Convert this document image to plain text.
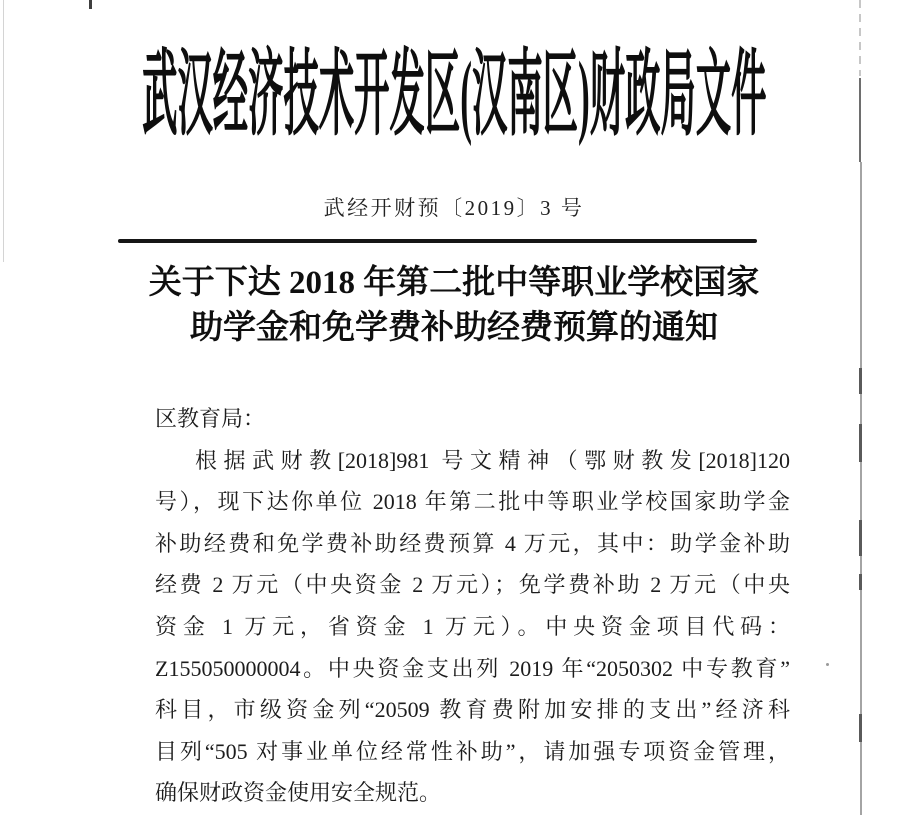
武汉经济技术开发区(汉南区)财政局文件
武经开财预〔2019〕3 号
关于下达 2018 年第二批中等职业学校国家
助学金和免学费补助经费预算的通知
区教育局：
根据武财教[2018]981 号文精神（鄂财教发[2018]120
号），现下达你单位 2018 年第二批中等职业学校国家助学金
补助经费和免学费补助经费预算 4 万元，其中：助学金补助
经费 2 万元（中央资金 2 万元）；免学费补助 2 万元（中央
资金 1 万元，省资金 1 万元）。中央资金项目代码：
Z155050000004。中央资金支出列 2019 年“2050302 中专教育”
科目，市级资金列“20509 教育费附加安排的支出”经济科
目列“505 对事业单位经常性补助”，请加强专项资金管理，
确保财政资金使用安全规范。
